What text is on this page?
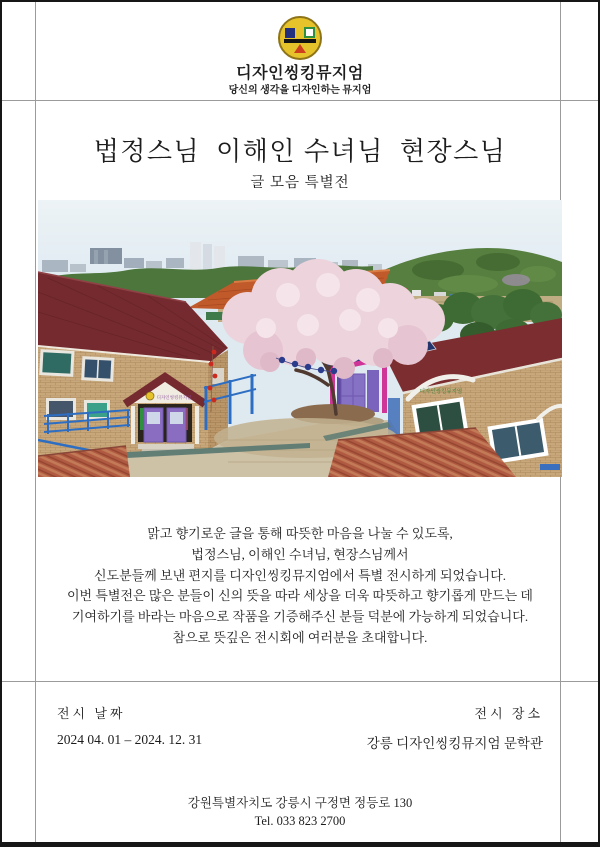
디자인씽킹뮤지엄
당신의 생각을 디자인하는 뮤지엄
법정스님  이해인 수녀님  현장스님
글 모음 특별전
디자인씽킹뮤지엄
디자인씽킹뮤지엄
맑고 향기로운 글을 통해 따뜻한 마음을 나눌 수 있도록,
법정스님, 이해인 수녀님, 현장스님께서
신도분들께 보낸 편지를 디자인씽킹뮤지엄에서 특별 전시하게 되었습니다.
이번 특별전은 많은 분들이 신의 뜻을 따라 세상을 더욱 따뜻하고 향기롭게 만드는 데
기여하기를 바라는 마음으로 작품을 기증해주신 분들 덕분에 가능하게 되었습니다.
참으로 뜻깊은 전시회에 여러분을 초대합니다.
전시 날짜	전시 장소
2024 04. 01 – 2024. 12. 31	강릉 디자인씽킹뮤지엄 문학관
강원특별자치도 강릉시 구정면 정등로 130
Tel. 033 823 2700
